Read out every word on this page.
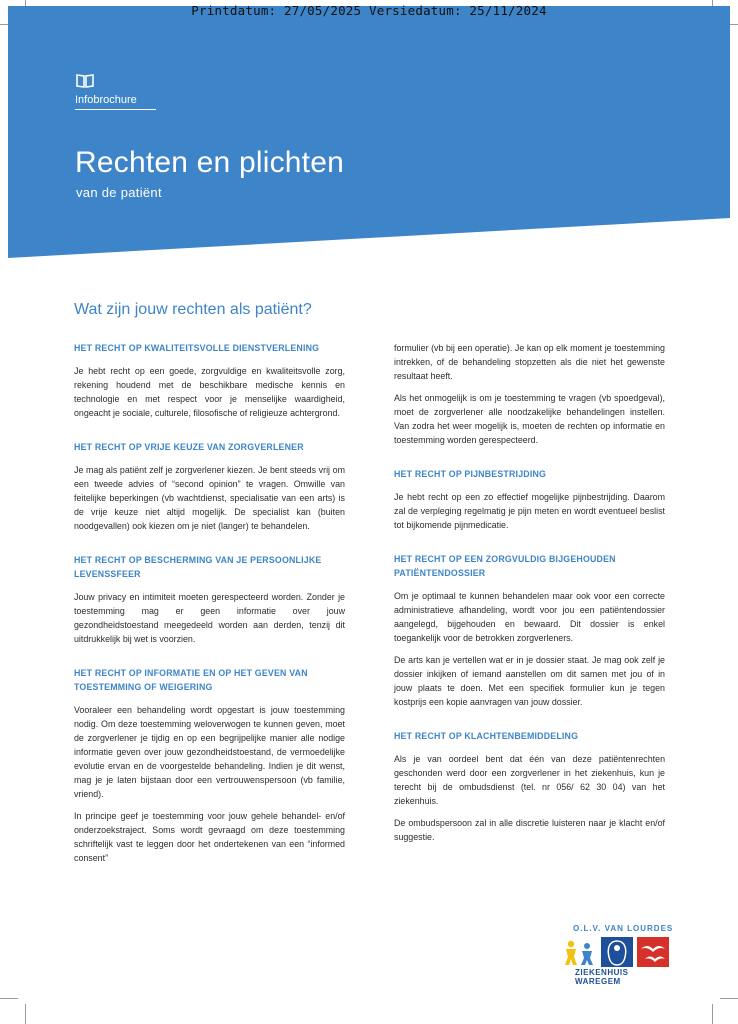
Printdatum: 27/05/2025 Versiedatum: 25/11/2024
Infobrochure
Rechten en plichten
van de patiënt
Wat zijn jouw rechten als patiënt?
HET RECHT OP KWALITEITSVOLLE DIENSTVERLENING

Je hebt recht op een goede, zorgvuldige en kwaliteitsvolle zorg, rekening houdend met de beschikbare medische kennis en technologie en met respect voor je menselijke waardigheid, ongeacht je sociale, culturele, filosofische of religieuze achtergrond.

HET RECHT OP VRIJE KEUZE VAN ZORGVERLENER

Je mag als patiënt zelf je zorgverlener kiezen. Je bent steeds vrij om een tweede advies of “second opinion” te vragen. Omwille van feitelijke beperkingen (vb wachtdienst, specialisatie van een arts) is de vrije keuze niet altijd mogelijk. De specialist kan (buiten noodgevallen) ook kiezen om je niet (langer) te behandelen.

HET RECHT OP BESCHERMING VAN JE PERSOONLIJKE LEVENSSFEER

Jouw privacy en intimiteit moeten gerespecteerd worden. Zonder je toestemming mag er geen informatie over jouw gezondheidstoestand meegedeeld worden aan derden, tenzij dit uitdrukkelijk bij wet is voorzien.

HET RECHT OP INFORMATIE EN OP HET GEVEN VAN TOESTEMMING OF WEIGERING

Vooraleer een behandeling wordt opgestart is jouw toestemming nodig. Om deze toestemming weloverwogen te kunnen geven, moet de zorgverlener je tijdig en op een begrijpelijke manier alle nodige informatie geven over jouw gezondheidstoestand, de vermoedelijke evolutie ervan en de voorgestelde behandeling. Indien je dit wenst, mag je je laten bijstaan door een vertrouwenspersoon (vb familie, vriend).

In principe geef je toestemming voor jouw gehele behandel- en/of onderzoekstraject. Soms wordt gevraagd om deze toestemming schriftelijk vast te leggen door het ondertekenen van een “informed consent”

formulier (vb bij een operatie). Je kan op elk moment je toestemming intrekken, of de behandeling stopzetten als die niet het gewenste resultaat heeft.

Als het onmogelijk is om je toestemming te vragen (vb spoedgeval), moet de zorgverlener alle noodzakelijke behandelingen instellen. Van zodra het weer mogelijk is, moeten de rechten op informatie en toestemming worden gerespecteerd.

HET RECHT OP PIJNBESTRIJDING

Je hebt recht op een zo effectief mogelijke pijnbestrijding. Daarom zal de verpleging regelmatig je pijn meten en wordt eventueel beslist tot bijkomende pijnmedicatie.

HET RECHT OP EEN ZORGVULDIG BIJGEHOUDEN PATIËNTENDOSSIER

Om je optimaal te kunnen behandelen maar ook voor een correcte administratieve afhandeling, wordt voor jou een patiëntendossier aangelegd, bijgehouden en bewaard. Dit dossier is enkel toegankelijk voor de betrokken zorgverleners.

De arts kan je vertellen wat er in je dossier staat. Je mag ook zelf je dossier inkijken of iemand aanstellen om dit samen met jou of in jouw plaats te doen. Met een specifiek formulier kun je tegen kostprijs een kopie aanvragen van jouw dossier.

HET RECHT OP KLACHTENBEMIDDELING

Als je van oordeel bent dat één van deze patiëntenrechten geschonden werd door een zorgverlener in het ziekenhuis, kun je terecht bij de ombudsdienst (tel. nr 056/ 62 30 04) van het ziekenhuis.

De ombudspersoon zal in alle discretie luisteren naar je klacht en/of suggestie.

O.L.V. VAN LOURDES
ZIEKENHUIS WAREGEM
